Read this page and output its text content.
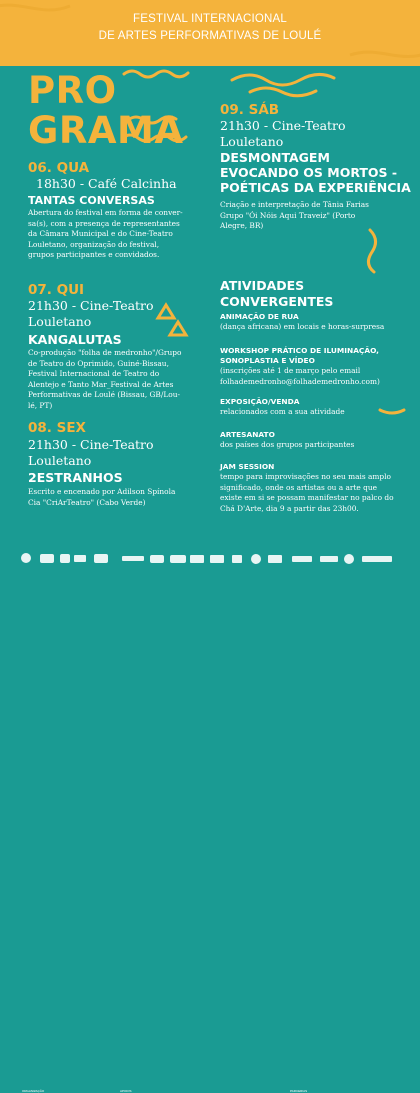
FESTIVAL INTERNACIONAL
DE ARTES PERFORMATIVAS DE LOULÉ
PRO
GRAMA
06. QUA
18h30 - Café Calcinha
TANTAS CONVERSAS
Abertura do festival em forma de conver-
sa(s), com a presença de representantes
da Câmara Municipal e do Cine-Teatro
Louletano, organização do festival,
grupos participantes e convidados.
07. QUI
21h30 - Cine-Teatro
Louletano
KANGALUTAS
Co-produção "folha de medronho"/Grupo
de Teatro do Oprimido, Guiné-Bissau,
Festival Internacional de Teatro do
Alentejo e Tanto Mar_Festival de Artes
Performativas de Loulé (Bissau, GB/Lou-
lé, PT)
08. SEX
21h30 - Cine-Teatro
Louletano
2ESTRANHOS
Escrito e encenado por Adilson Spínola
Cia "CriArTeatro" (Cabo Verde)
09. SÁB
21h30 - Cine-Teatro
Louletano
DESMONTAGEM
EVOCANDO OS MORTOS -
POÉTICAS DA EXPERIÊNCIA
Criação e interpretação de Tânia Farias
Grupo "Ói Nóis Aqui Traveiz" (Porto
Alegre, BR)
ATIVIDADES
CONVERGENTES
ANIMAÇÃO DE RUA
(dança africana) em locais e horas-surpresa
WORKSHOP PRÁTICO DE ILUMINAÇÃO,
SONOPLASTIA E VÍDEO
(inscrições até 1 de março pelo email
folhademedronho@folhademedronho.com)
EXPOSIÇÃO/VENDA
relacionados com a sua atividade
ARTESANATO
dos países dos grupos participantes
JAM SESSION
tempo para improvisações no seu mais amplo
significado, onde os artistas ou a arte que
existe em si se possam manifestar no palco do
Chá D'Arte, dia 9 a partir das 23h00.
ORGANIZAÇÃO	APOIOS	PARCERIAS
